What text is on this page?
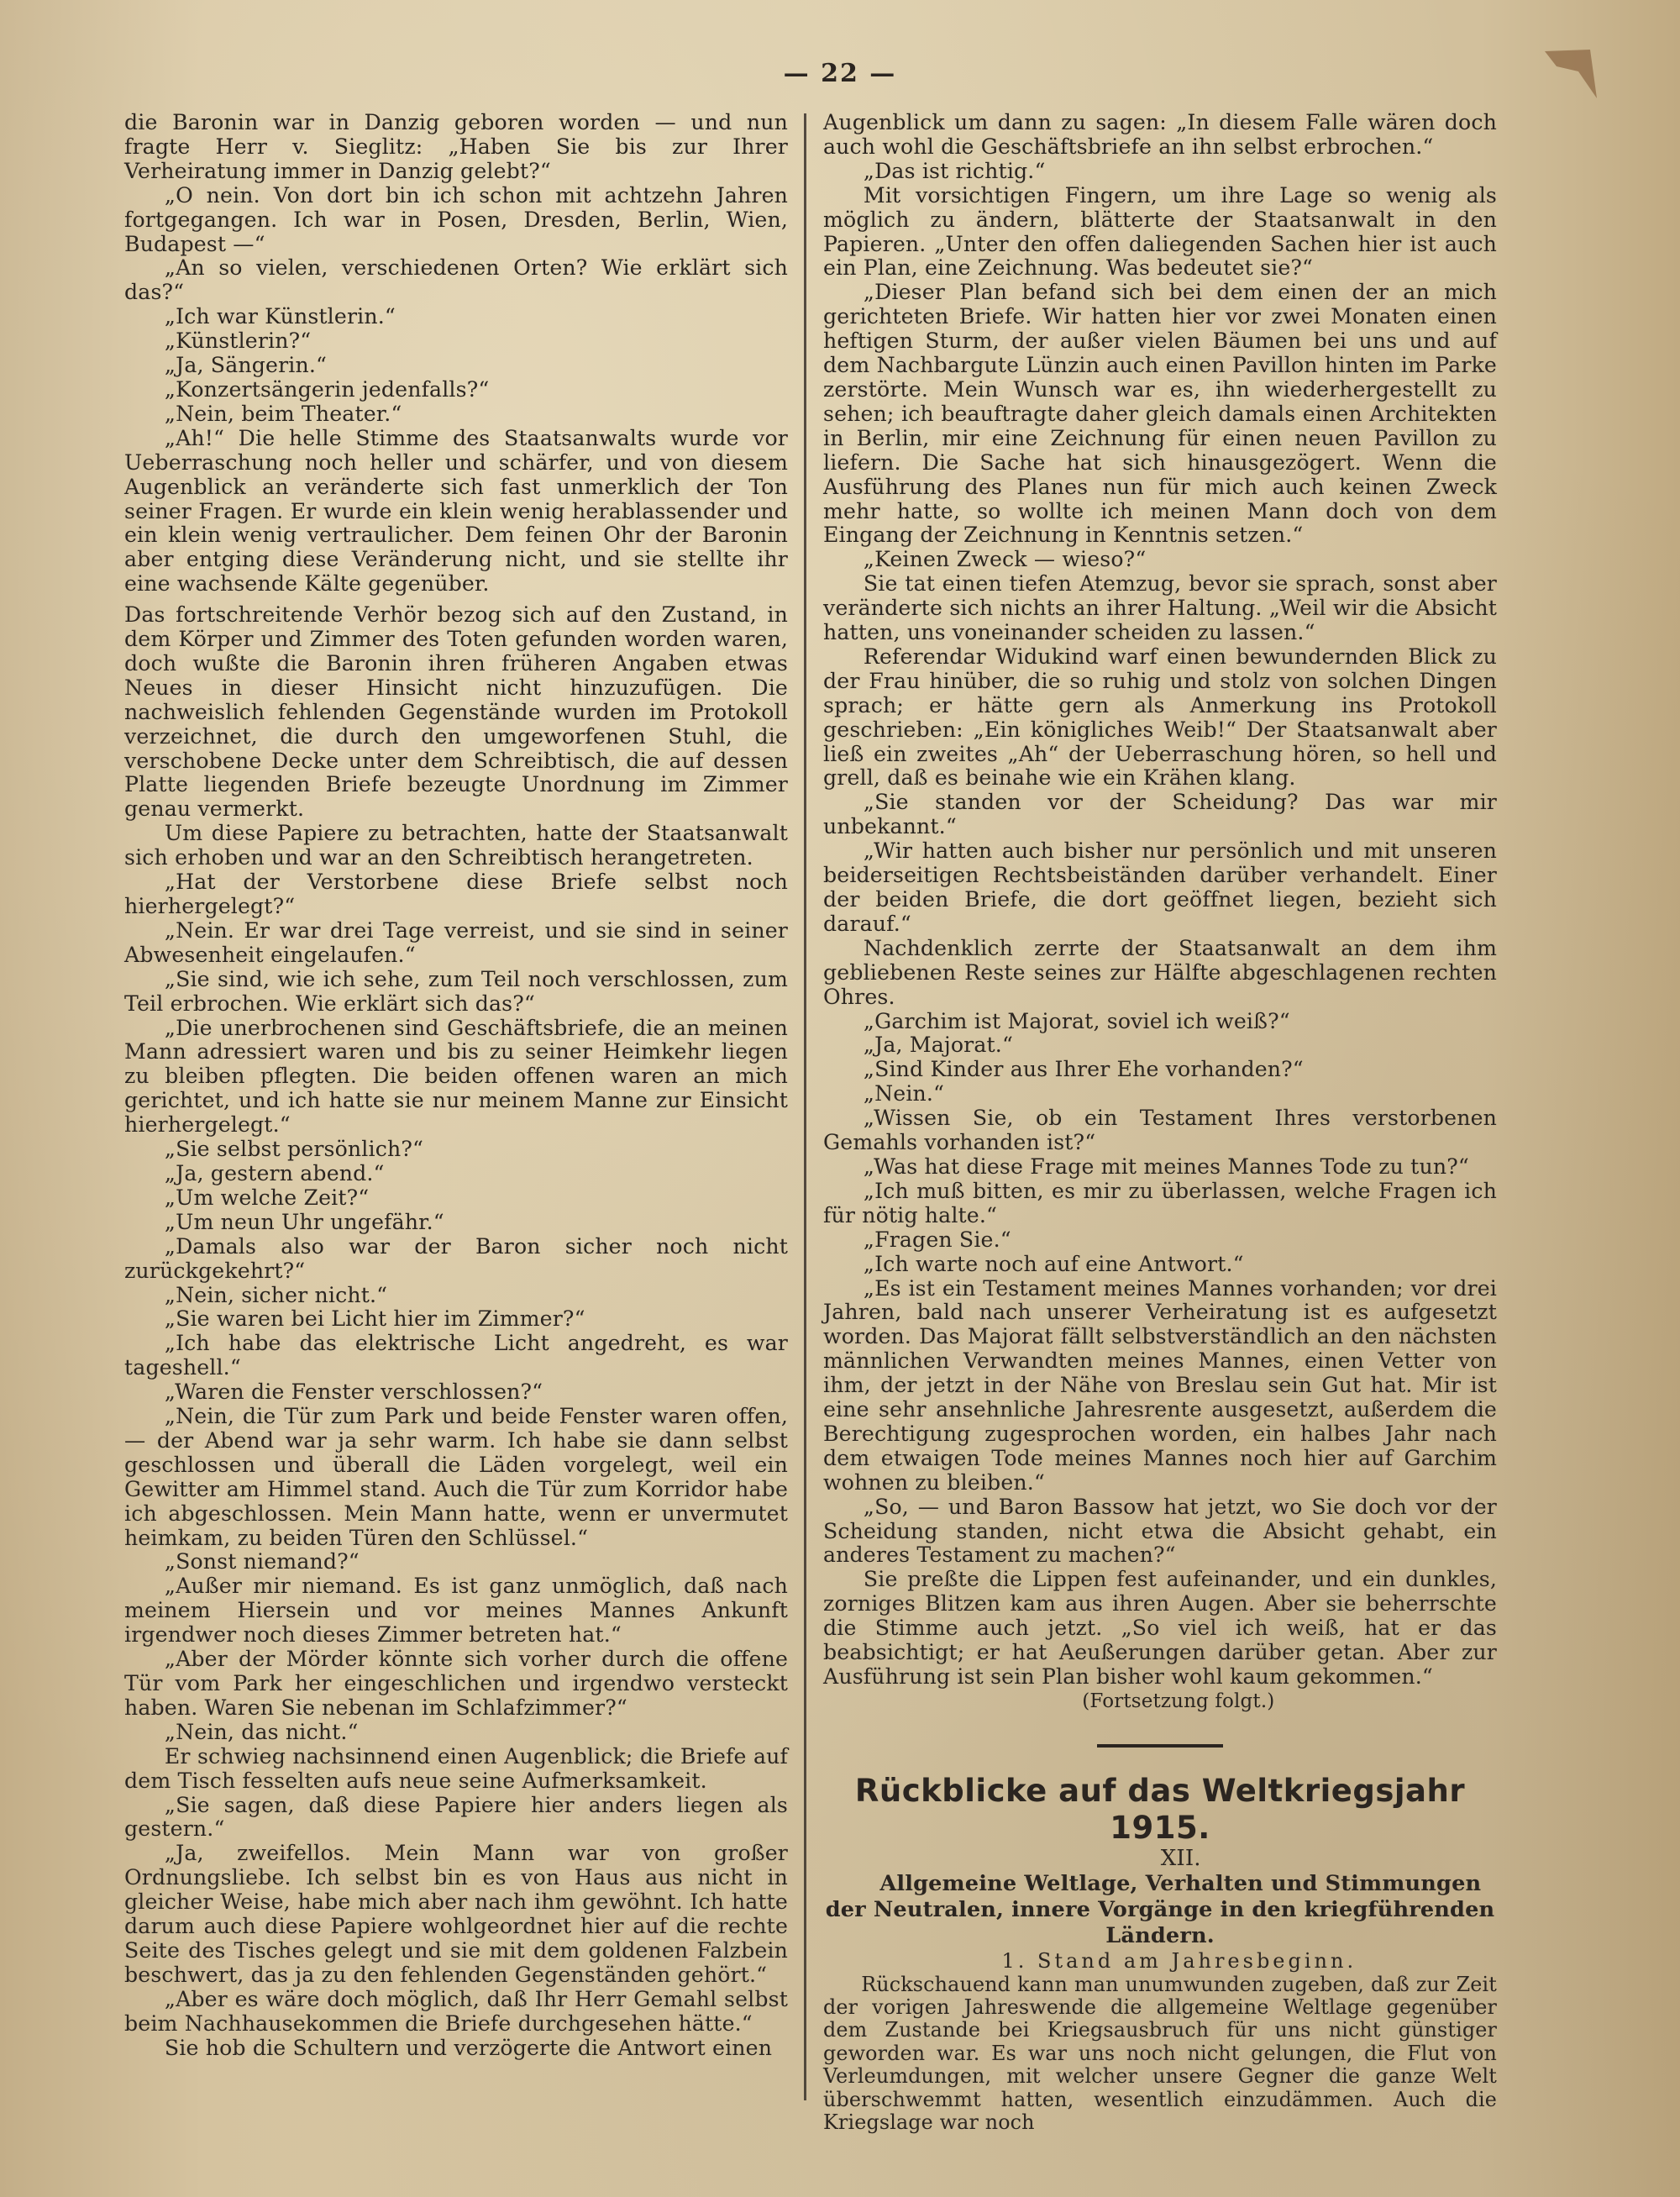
— 22 —

die Baronin war in Danzig geboren worden — und nun fragte Herr v. Sieglitz: „Haben Sie bis zur Ihrer Verheiratung immer in Danzig gelebt?“

„O nein. Von dort bin ich schon mit achtzehn Jahren fortgegangen. Ich war in Posen, Dresden, Berlin, Wien, Budapest —“

„An so vielen, verschiedenen Orten? Wie erklärt sich das?“

„Ich war Künstlerin.“

„Künstlerin?“

„Ja, Sängerin.“

„Konzertsängerin jedenfalls?“

„Nein, beim Theater.“

„Ah!“ Die helle Stimme des Staatsanwalts wurde vor Ueberraschung noch heller und schärfer, und von diesem Augenblick an veränderte sich fast unmerklich der Ton seiner Fragen. Er wurde ein klein wenig herablassender und ein klein wenig vertraulicher. Dem feinen Ohr der Baronin aber entging diese Veränderung nicht, und sie stellte ihr eine wachsende Kälte gegenüber.

Das fortschreitende Verhör bezog sich auf den Zustand, in dem Körper und Zimmer des Toten gefunden worden waren, doch wußte die Baronin ihren früheren Angaben etwas Neues in dieser Hinsicht nicht hinzuzufügen. Die nachweislich fehlenden Gegenstände wurden im Protokoll verzeichnet, die durch den umgeworfenen Stuhl, die verschobene Decke unter dem Schreibtisch, die auf dessen Platte liegenden Briefe bezeugte Unordnung im Zimmer genau vermerkt.

Um diese Papiere zu betrachten, hatte der Staatsanwalt sich erhoben und war an den Schreibtisch herangetreten.

„Hat der Verstorbene diese Briefe selbst noch hierhergelegt?“

„Nein. Er war drei Tage verreist, und sie sind in seiner Abwesenheit eingelaufen.“

„Sie sind, wie ich sehe, zum Teil noch verschlossen, zum Teil erbrochen. Wie erklärt sich das?“

„Die unerbrochenen sind Geschäftsbriefe, die an meinen Mann adressiert waren und bis zu seiner Heimkehr liegen zu bleiben pflegten. Die beiden offenen waren an mich gerichtet, und ich hatte sie nur meinem Manne zur Einsicht hierhergelegt.“

„Sie selbst persönlich?“

„Ja, gestern abend.“

„Um welche Zeit?“

„Um neun Uhr ungefähr.“

„Damals also war der Baron sicher noch nicht zurückgekehrt?“

„Nein, sicher nicht.“

„Sie waren bei Licht hier im Zimmer?“

„Ich habe das elektrische Licht angedreht, es war tageshell.“

„Waren die Fenster verschlossen?“

„Nein, die Tür zum Park und beide Fenster waren offen, — der Abend war ja sehr warm. Ich habe sie dann selbst geschlossen und überall die Läden vorgelegt, weil ein Gewitter am Himmel stand. Auch die Tür zum Korridor habe ich abgeschlossen. Mein Mann hatte, wenn er unvermutet heimkam, zu beiden Türen den Schlüssel.“

„Sonst niemand?“

„Außer mir niemand. Es ist ganz unmöglich, daß nach meinem Hiersein und vor meines Mannes Ankunft irgendwer noch dieses Zimmer betreten hat.“

„Aber der Mörder könnte sich vorher durch die offene Tür vom Park her eingeschlichen und irgendwo versteckt haben. Waren Sie nebenan im Schlafzimmer?“

„Nein, das nicht.“

Er schwieg nachsinnend einen Augenblick; die Briefe auf dem Tisch fesselten aufs neue seine Aufmerksamkeit.

„Sie sagen, daß diese Papiere hier anders liegen als gestern.“

„Ja, zweifellos. Mein Mann war von großer Ordnungsliebe. Ich selbst bin es von Haus aus nicht in gleicher Weise, habe mich aber nach ihm gewöhnt. Ich hatte darum auch diese Papiere wohlgeordnet hier auf die rechte Seite des Tisches gelegt und sie mit dem goldenen Falzbein beschwert, das ja zu den fehlenden Gegenständen gehört.“

„Aber es wäre doch möglich, daß Ihr Herr Gemahl selbst beim Nachhausekommen die Briefe durchgesehen hätte.“

Sie hob die Schultern und verzögerte die Antwort einen

Augenblick um dann zu sagen: „In diesem Falle wären doch auch wohl die Geschäftsbriefe an ihn selbst erbrochen.“

„Das ist richtig.“

Mit vorsichtigen Fingern, um ihre Lage so wenig als möglich zu ändern, blätterte der Staatsanwalt in den Papieren. „Unter den offen daliegenden Sachen hier ist auch ein Plan, eine Zeichnung. Was bedeutet sie?“

„Dieser Plan befand sich bei dem einen der an mich gerichteten Briefe. Wir hatten hier vor zwei Monaten einen heftigen Sturm, der außer vielen Bäumen bei uns und auf dem Nachbargute Lünzin auch einen Pavillon hinten im Parke zerstörte. Mein Wunsch war es, ihn wiederhergestellt zu sehen; ich beauftragte daher gleich damals einen Architekten in Berlin, mir eine Zeichnung für einen neuen Pavillon zu liefern. Die Sache hat sich hinausgezögert. Wenn die Ausführung des Planes nun für mich auch keinen Zweck mehr hatte, so wollte ich meinen Mann doch von dem Eingang der Zeichnung in Kenntnis setzen.“

„Keinen Zweck — wieso?“

Sie tat einen tiefen Atemzug, bevor sie sprach, sonst aber veränderte sich nichts an ihrer Haltung. „Weil wir die Absicht hatten, uns voneinander scheiden zu lassen.“

Referendar Widukind warf einen bewundernden Blick zu der Frau hinüber, die so ruhig und stolz von solchen Dingen sprach; er hätte gern als Anmerkung ins Protokoll geschrieben: „Ein königliches Weib!“ Der Staatsanwalt aber ließ ein zweites „Ah“ der Ueberraschung hören, so hell und grell, daß es beinahe wie ein Krähen klang.

„Sie standen vor der Scheidung? Das war mir unbekannt.“

„Wir hatten auch bisher nur persönlich und mit unseren beiderseitigen Rechtsbeiständen darüber verhandelt. Einer der beiden Briefe, die dort geöffnet liegen, bezieht sich darauf.“

Nachdenklich zerrte der Staatsanwalt an dem ihm gebliebenen Reste seines zur Hälfte abgeschlagenen rechten Ohres.

„Garchim ist Majorat, soviel ich weiß?“

„Ja, Majorat.“

„Sind Kinder aus Ihrer Ehe vorhanden?“

„Nein.“

„Wissen Sie, ob ein Testament Ihres verstorbenen Gemahls vorhanden ist?“

„Was hat diese Frage mit meines Mannes Tode zu tun?“

„Ich muß bitten, es mir zu überlassen, welche Fragen ich für nötig halte.“

„Fragen Sie.“

„Ich warte noch auf eine Antwort.“

„Es ist ein Testament meines Mannes vorhanden; vor drei Jahren, bald nach unserer Verheiratung ist es aufgesetzt worden. Das Majorat fällt selbstverständlich an den nächsten männlichen Verwandten meines Mannes, einen Vetter von ihm, der jetzt in der Nähe von Breslau sein Gut hat. Mir ist eine sehr ansehnliche Jahresrente ausgesetzt, außerdem die Berechtigung zugesprochen worden, ein halbes Jahr nach dem etwaigen Tode meines Mannes noch hier auf Garchim wohnen zu bleiben.“

„So, — und Baron Bassow hat jetzt, wo Sie doch vor der Scheidung standen, nicht etwa die Absicht gehabt, ein anderes Testament zu machen?“

Sie preßte die Lippen fest aufeinander, und ein dunkles, zorniges Blitzen kam aus ihren Augen. Aber sie beherrschte die Stimme auch jetzt. „So viel ich weiß, hat er das beabsichtigt; er hat Aeußerungen darüber getan. Aber zur Ausführung ist sein Plan bisher wohl kaum gekommen.“

(Fortsetzung folgt.)

Rückblicke auf das Weltkriegsjahr 1915.

XII.

Allgemeine Weltlage, Verhalten und Stimmungen der Neutralen, innere Vorgänge in den kriegführenden Ländern.

1. Stand am Jahresbeginn.

Rückschauend kann man unumwunden zugeben, daß zur Zeit der vorigen Jahreswende die allgemeine Weltlage gegenüber dem Zustande bei Kriegsausbruch für uns nicht günstiger geworden war. Es war uns noch nicht gelungen, die Flut von Verleumdungen, mit welcher unsere Gegner die ganze Welt überschwemmt hatten, wesentlich einzudämmen. Auch die Kriegslage war noch
